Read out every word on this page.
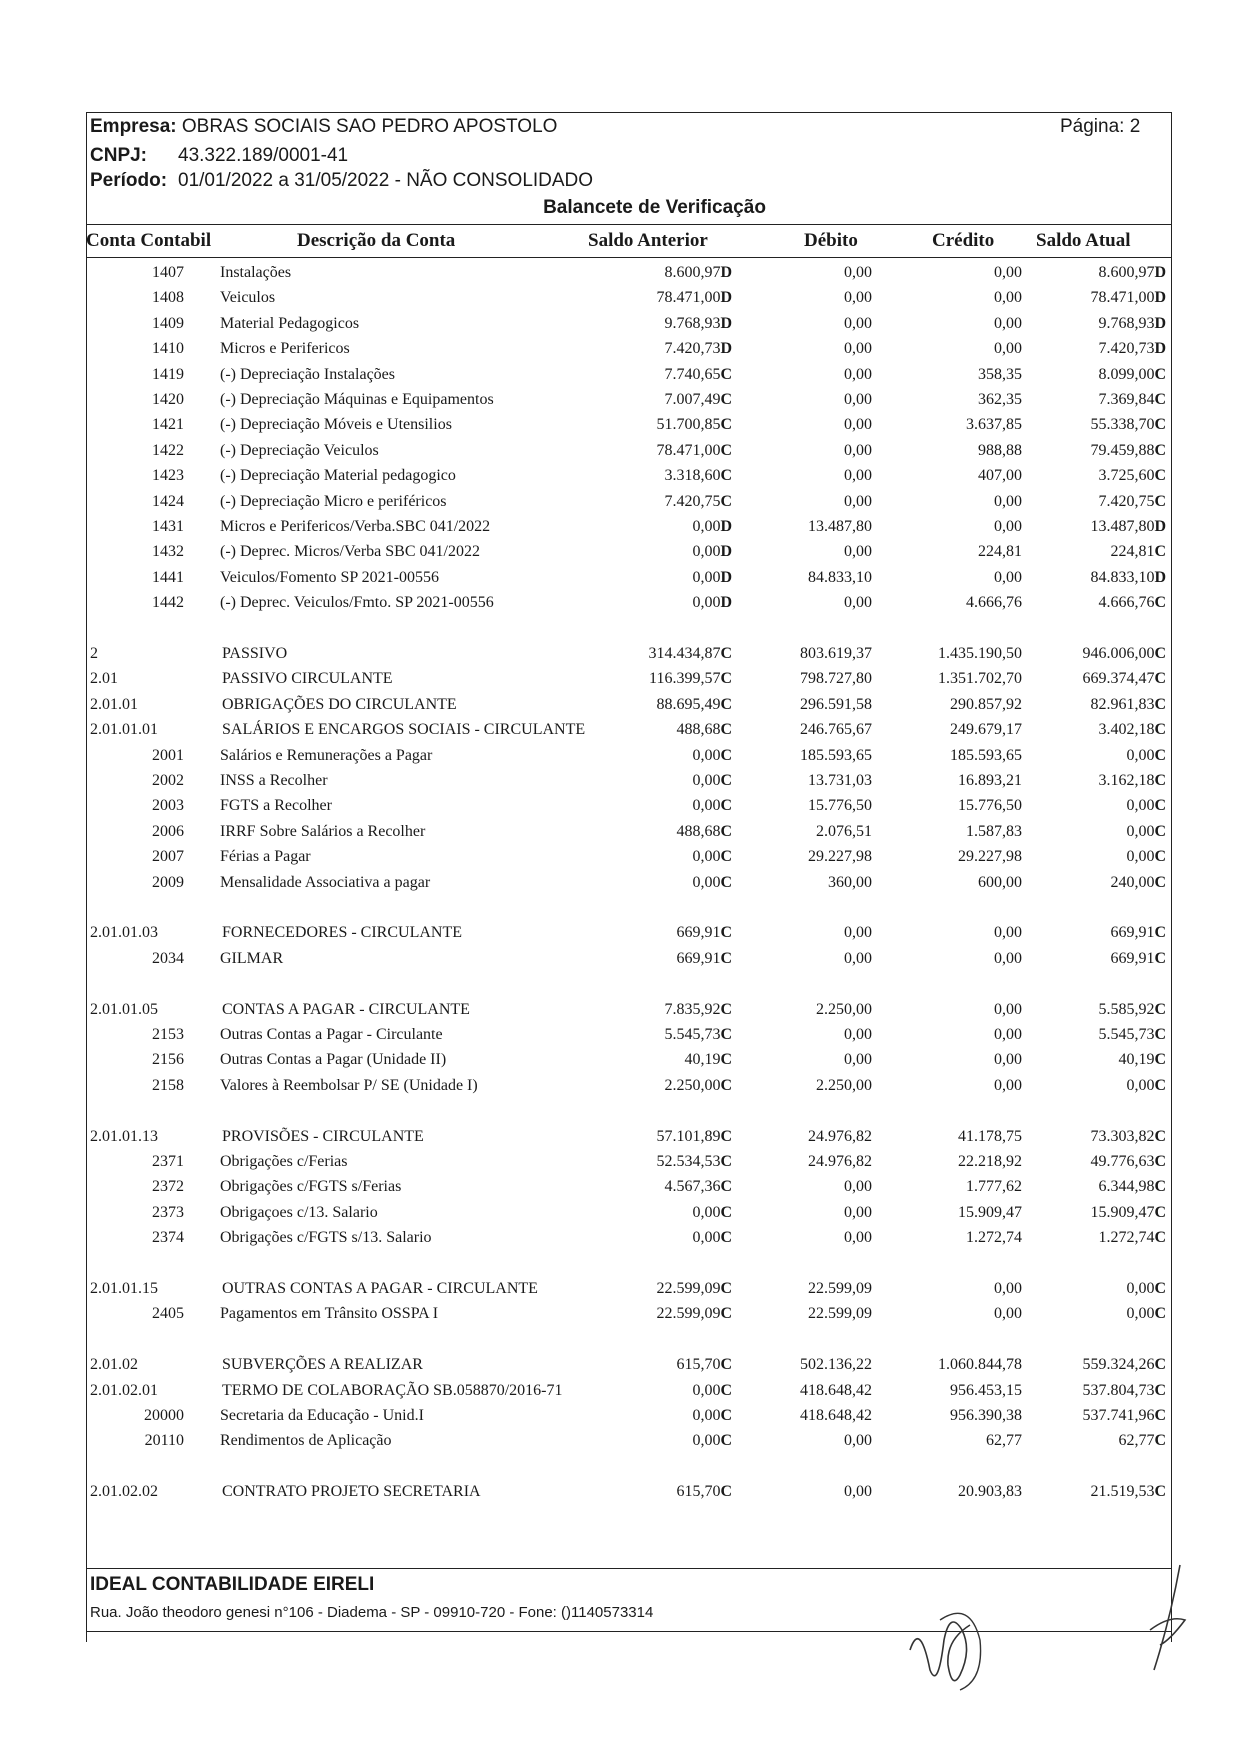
Empresa: OBRAS SOCIAIS SAO PEDRO APOSTOLO	Página: 2
CNPJ: 43.322.189/0001-41
Período: 01/01/2022 a 31/05/2022 - NÃO CONSOLIDADO
Balancete de Verificação
Conta Contabil	Descrição da Conta	Saldo Anterior	Débito	Crédito Saldo Atual
1407 Instalações	8.600,97D	0,00	0,00	8.600,97D
1408 Veiculos	78.471,00D	0,00	0,00	78.471,00D
1409 Material Pedagogicos	9.768,93D	0,00	0,00	9.768,93D
1410 Micros e Perifericos	7.420,73D	0,00	0,00	7.420,73D
1419 (-) Depreciação Instalações	7.740,65C	0,00	358,35	8.099,00C
1420 (-) Depreciação Máquinas e Equipamentos	7.007,49C	0,00	362,35	7.369,84C
1421 (-) Depreciação Móveis e Utensilios	51.700,85C	0,00	3.637,85	55.338,70C
1422 (-) Depreciação Veiculos	78.471,00C	0,00	988,88	79.459,88C
1423 (-) Depreciação Material pedagogico	3.318,60C	0,00	407,00	3.725,60C
1424 (-) Depreciação Micro e periféricos	7.420,75C	0,00	0,00	7.420,75C
1431 Micros e Perifericos/Verba.SBC 041/2022	0,00D	13.487,80	0,00	13.487,80D
1432 (-) Deprec. Micros/Verba SBC 041/2022	0,00D	0,00	224,81	224,81C
1441 Veiculos/Fomento SP 2021-00556	0,00D	84.833,10	0,00	84.833,10D
1442 (-) Deprec. Veiculos/Fmto. SP 2021-00556	0,00D	0,00	4.666,76	4.666,76C
2	PASSIVO	314.434,87C	803.619,37	1.435.190,50	946.006,00C
2.01	PASSIVO CIRCULANTE	116.399,57C	798.727,80	1.351.702,70	669.374,47C
2.01.01	OBRIGAÇÕES DO CIRCULANTE	88.695,49C	296.591,58	290.857,92	82.961,83C
2.01.01.01	SALÁRIOS E ENCARGOS SOCIAIS - CIRCULANTE	488,68C	246.765,67	249.679,17	3.402,18C
2001 Salários e Remunerações a Pagar	0,00C	185.593,65	185.593,65	0,00C
2002 INSS a Recolher	0,00C	13.731,03	16.893,21	3.162,18C
2003 FGTS a Recolher	0,00C	15.776,50	15.776,50	0,00C
2006 IRRF Sobre Salários a Recolher	488,68C	2.076,51	1.587,83	0,00C
2007 Férias a Pagar	0,00C	29.227,98	29.227,98	0,00C
2009 Mensalidade Associativa a pagar	0,00C	360,00	600,00	240,00C
2.01.01.03	FORNECEDORES - CIRCULANTE	669,91C	0,00	0,00	669,91C
2034 GILMAR	669,91C	0,00	0,00	669,91C
2.01.01.05	CONTAS A PAGAR - CIRCULANTE	7.835,92C	2.250,00	0,00	5.585,92C
2153 Outras Contas a Pagar - Circulante	5.545,73C	0,00	0,00	5.545,73C
2156 Outras Contas a Pagar (Unidade II)	40,19C	0,00	0,00	40,19C
2158 Valores à Reembolsar P/ SE (Unidade I)	2.250,00C	2.250,00	0,00	0,00C
2.01.01.13	PROVISÕES - CIRCULANTE	57.101,89C	24.976,82	41.178,75	73.303,82C
2371 Obrigações c/Ferias	52.534,53C	24.976,82	22.218,92	49.776,63C
2372 Obrigações c/FGTS s/Ferias	4.567,36C	0,00	1.777,62	6.344,98C
2373 Obrigaçoes c/13. Salario	0,00C	0,00	15.909,47	15.909,47C
2374 Obrigações c/FGTS s/13. Salario	0,00C	0,00	1.272,74	1.272,74C
2.01.01.15	OUTRAS CONTAS A PAGAR - CIRCULANTE	22.599,09C	22.599,09	0,00	0,00C
2405 Pagamentos em Trânsito OSSPA I	22.599,09C	22.599,09	0,00	0,00C
2.01.02	SUBVERÇÕES A REALIZAR	615,70C	502.136,22	1.060.844,78	559.324,26C
2.01.02.01	TERMO DE COLABORAÇÃO SB.058870/2016-71	0,00C	418.648,42	956.453,15	537.804,73C
20000 Secretaria da Educação - Unid.I	0,00C	418.648,42	956.390,38	537.741,96C
20110 Rendimentos de Aplicação	0,00C	0,00	62,77	62,77C
2.01.02.02	CONTRATO PROJETO SECRETARIA	615,70C	0,00	20.903,83	21.519,53C
IDEAL CONTABILIDADE EIRELI
Rua. João theodoro genesi n°106 - Diadema - SP - 09910-720 - Fone: ()1140573314
